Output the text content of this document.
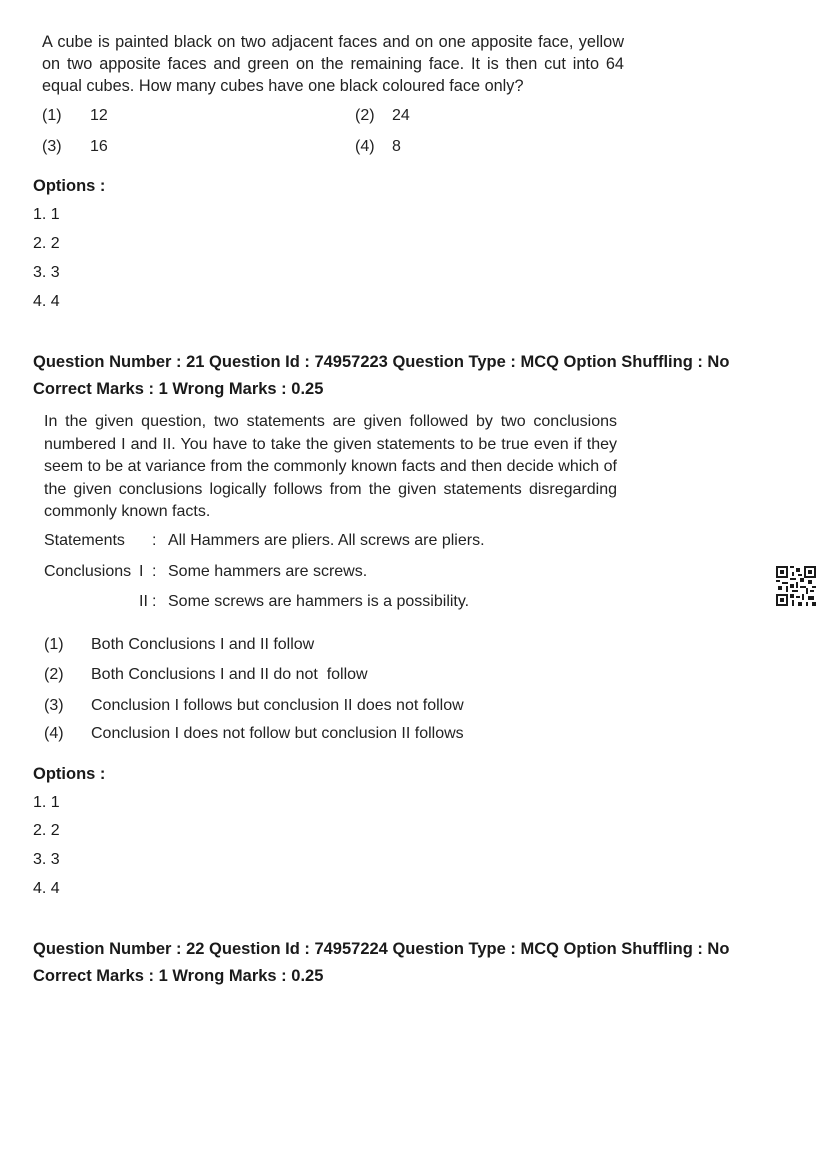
A cube is painted black on two adjacent faces and on one apposite face, yellow on two apposite faces and green on the remaining face. It is then cut into 64 equal cubes. How many cubes have one black coloured face only?
(1) 12	(2) 24
(3) 16	(4) 8
Options :
1. 1
2. 2
3. 3
4. 4
Question Number : 21 Question Id : 74957223 Question Type : MCQ Option Shuffling : No
Correct Marks : 1 Wrong Marks : 0.25
In the given question, two statements are given followed by two conclusions numbered I and II. You have to take the given statements to be true even if they seem to be at variance from the commonly known facts and then decide which of the given conclusions logically follows from the given statements disregarding commonly known facts.
Statements : All Hammers are pliers. All screws are pliers.
Conclusions I : Some hammers are screws.
II : Some screws are hammers is a possibility.
(1) Both Conclusions I and II follow
(2) Both Conclusions I and II do not  follow
(3) Conclusion I follows but conclusion II does not follow
(4) Conclusion I does not follow but conclusion II follows
Options :
1. 1
2. 2
3. 3
4. 4
Question Number : 22 Question Id : 74957224 Question Type : MCQ Option Shuffling : No
Correct Marks : 1 Wrong Marks : 0.25
